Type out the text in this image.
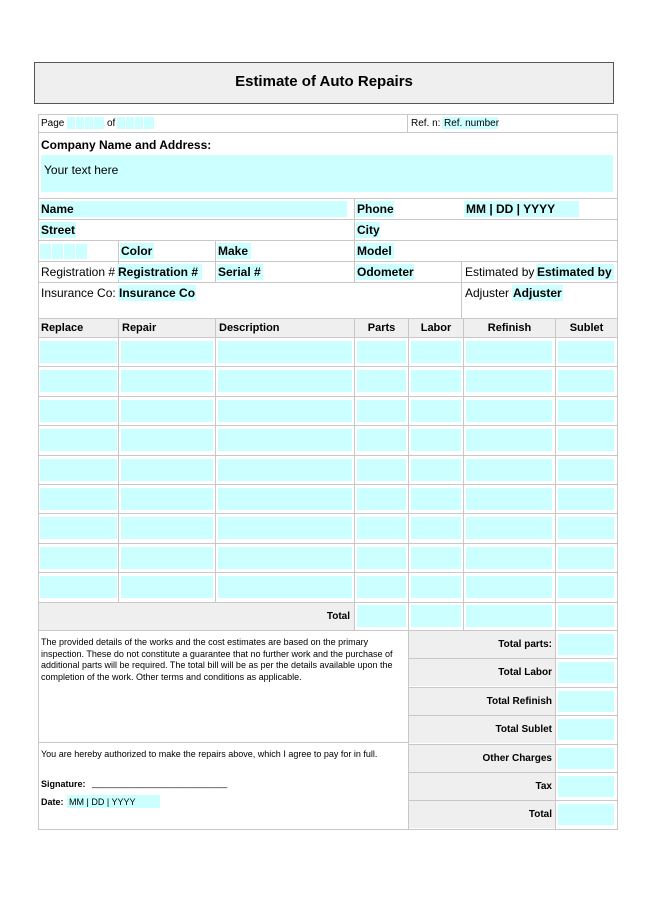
Estimate of Auto Repairs
Page	of	Ref. n: Ref. number
Company Name and Address:
Your text here
Name	Phone	MM | DD | YYYY
Street	City
Color	Make	Model
Registration # Registration # Serial #	Odometer	Estimated by Estimated by
Insurance Co: Insurance Co	Adjuster Adjuster
Replace	Repair	Description	Parts	Labor	Refinish	Sublet
Total
The provided details of the works and the cost estimates are based on the primary inspection. These do not constitute a guarantee that no further work and the purchase of additional parts will be required. The total bill will be as per the details available upon the completion of the work. Other terms and conditions as applicable.
You are hereby authorized to make the repairs above, which I agree to pay for in full.
Signature: ___________________________
Date: MM | DD | YYYY
Total parts:
Total Labor
Total Refinish
Total Sublet
Other Charges
Tax
Total
